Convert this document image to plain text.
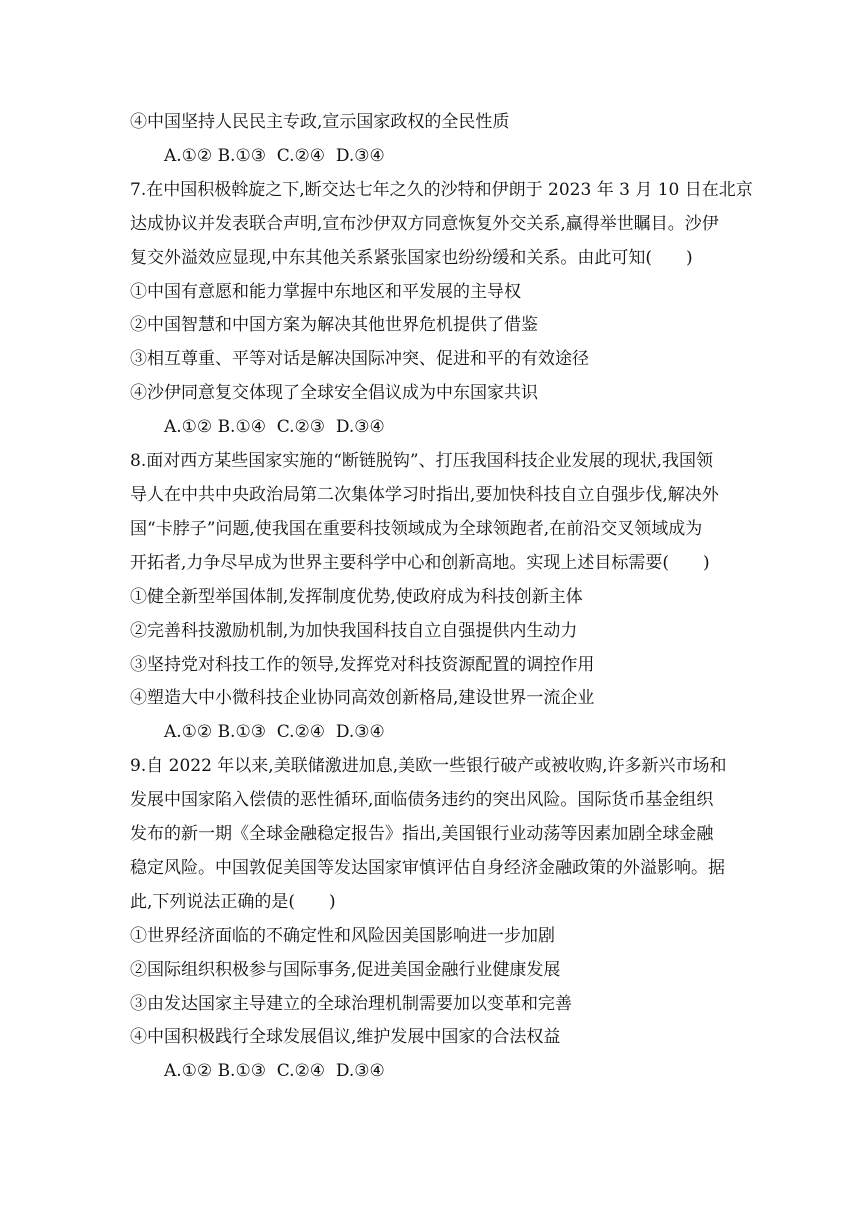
④中国坚持人民民主专政,宣示国家政权的全民性质
A.①② B.①③  C.②④  D.③④
7.在中国积极斡旋之下,断交达七年之久的沙特和伊朗于 2023 年 3 月 10 日在北京
达成协议并发表联合声明,宣布沙伊双方同意恢复外交关系,赢得举世瞩目。沙伊
复交外溢效应显现,中东其他关系紧张国家也纷纷缓和关系。由此可知(　　)
①中国有意愿和能力掌握中东地区和平发展的主导权
②中国智慧和中国方案为解决其他世界危机提供了借鉴
③相互尊重、平等对话是解决国际冲突、促进和平的有效途径
④沙伊同意复交体现了全球安全倡议成为中东国家共识
A.①② B.①④  C.②③  D.③④
8.面对西方某些国家实施的“断链脱钩”、打压我国科技企业发展的现状,我国领
导人在中共中央政治局第二次集体学习时指出,要加快科技自立自强步伐,解决外
国“卡脖子”问题,使我国在重要科技领域成为全球领跑者,在前沿交叉领域成为
开拓者,力争尽早成为世界主要科学中心和创新高地。实现上述目标需要(　　)
①健全新型举国体制,发挥制度优势,使政府成为科技创新主体
②完善科技激励机制,为加快我国科技自立自强提供内生动力
③坚持党对科技工作的领导,发挥党对科技资源配置的调控作用
④塑造大中小微科技企业协同高效创新格局,建设世界一流企业
A.①② B.①③  C.②④  D.③④
9.自 2022 年以来,美联储激进加息,美欧一些银行破产或被收购,许多新兴市场和
发展中国家陷入偿债的恶性循环,面临债务违约的突出风险。国际货币基金组织
发布的新一期《全球金融稳定报告》指出,美国银行业动荡等因素加剧全球金融
稳定风险。中国敦促美国等发达国家审慎评估自身经济金融政策的外溢影响。据
此,下列说法正确的是(　　)
①世界经济面临的不确定性和风险因美国影响进一步加剧
②国际组织积极参与国际事务,促进美国金融行业健康发展
③由发达国家主导建立的全球治理机制需要加以变革和完善
④中国积极践行全球发展倡议,维护发展中国家的合法权益
A.①② B.①③  C.②④  D.③④
